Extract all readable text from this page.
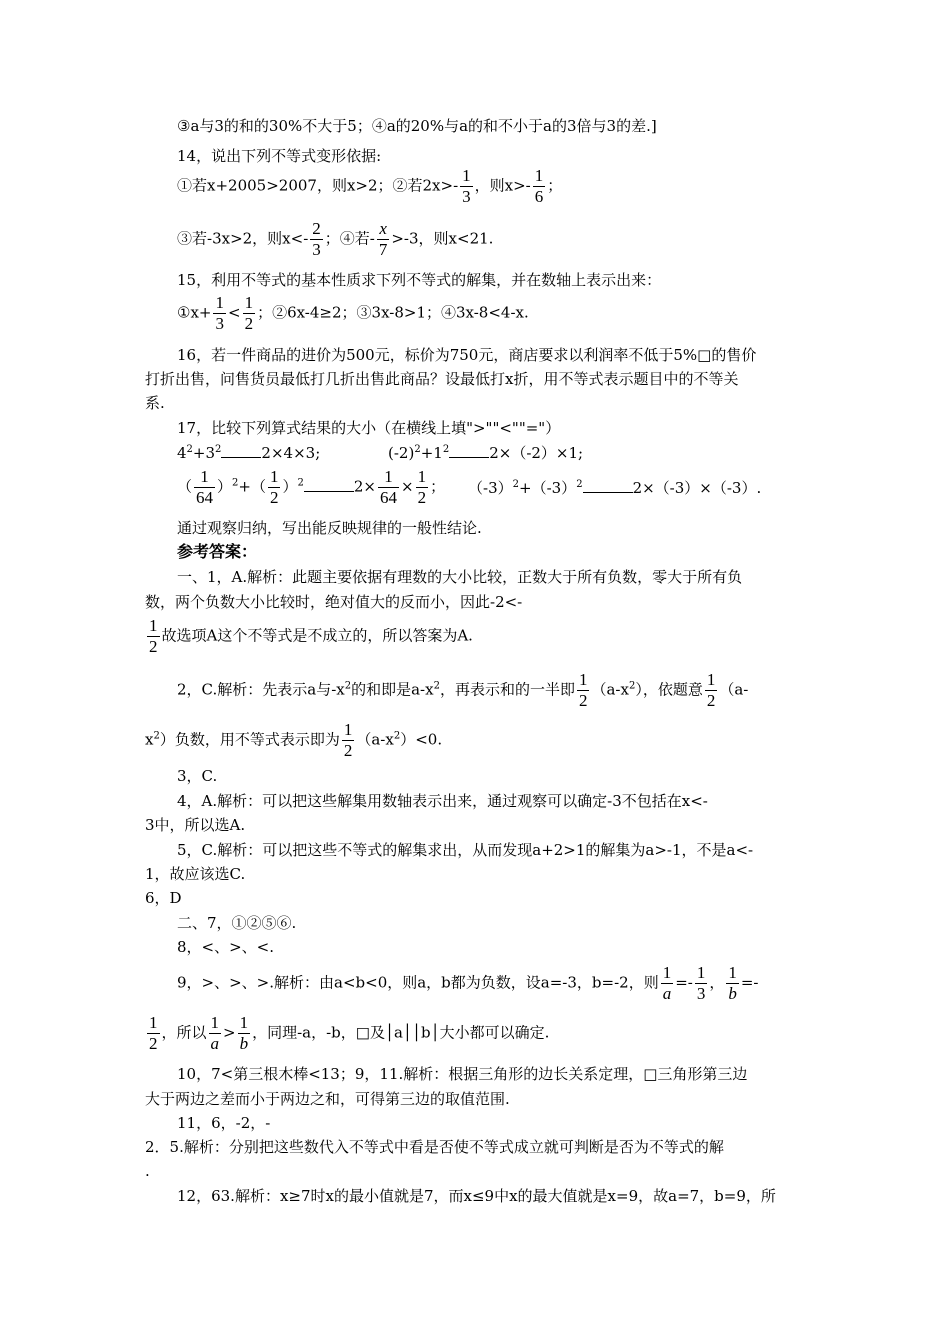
③a与3的和的30%不大于5；④a的20%与a的和不小于a的3倍与3的差.]
14，说出下列不等式变形依据:
①若x+2005>2007，则x>2；②若$2x>- \frac{1}{3}$ ，则$x>- \frac{1}{6}$ ；
③若-3x>2，则$x<- \frac{2}{3}$ ；④若- $\frac{x}{7} >-3$，则x<21.
15，利用不等式的基本性质求下列不等式的解集，并在数轴上表示出来：
①x+ $\frac{1}{3} < \frac{1}{2}$ ；②6x-4≥2；③3x-8>1；④3x-8<4-x.
16，若一件商品的进价为500元，标价为750元，商店要求以利润率不低于5%□的售价
打折出售，问售货员最低打几折出售此商品？设最低打x折，用不等式表示题目中的不等关
系.
17，比较下列算式结果的大小（在横线上填">""<""="）
$4^2+3^2$	2×4×3;	$(-2)^2+1^2$	2×（-2）×1;
（ $\frac{1}{64} )^2+( \frac{1}{2} )^2$	$2\times \frac{1}{64} \times \frac{1}{2}$ ； $(-3)^2+(-3)^2$	2×（-3）×（-3）.
通过观察归纳，写出能反映规律的一般性结论.
参考答案：
一、1，A.解析：此题主要依据有理数的大小比较，正数大于所有负数，零大于所有负
数，两个负数大小比较时，绝对值大的反而小，因此-2<-
$\frac{1}{2}$ 故选项A这个不等式是不成立的，所以答案为A.
2，C.解析：先表示a与$-x^2$的和即是$a-x^2$，再表示和的一半即 $\frac{1}{2} (a-x^2)$，依题意 $\frac{1}{2} (a-$
$x^2$）负数，用不等式表示即为 $\frac{1}{2} (a-x^2)<0$.
3，C.
4，A.解析：可以把这些解集用数轴表示出来，通过观察可以确定-3不包括在x<-
3中，所以选A.
5，C.解析：可以把这些不等式的解集求出，从而发现a+2>1的解集为a>-1，不是a<-
1，故应该选C.
6，D
二、7，①②⑤⑥.
8，<、>、<.
9，>、>、>.解析：由a<b<0，则a，b都为负数，设a=-3，b=-2，则 $\frac{1}{a} =- \frac{1}{3}$ ， $\frac{1}{b}$ =-
$\frac{1}{2}$ ，所以 $\frac{1}{a} > \frac{1}{b}$ ，同理-a，-b，□及│a││b│大小都可以确定.
10，7<第三根木棒<13；9，11.解析：根据三角形的边长关系定理，□三角形第三边
大于两边之差而小于两边之和，可得第三边的取值范围.
11，6，-2，-
2．5.解析：分别把这些数代入不等式中看是否使不等式成立就可判断是否为不等式的解
.
12，63.解析：x≥7时x的最小值就是7，而x≤9中x的最大值就是x=9，故a=7，b=9，所
